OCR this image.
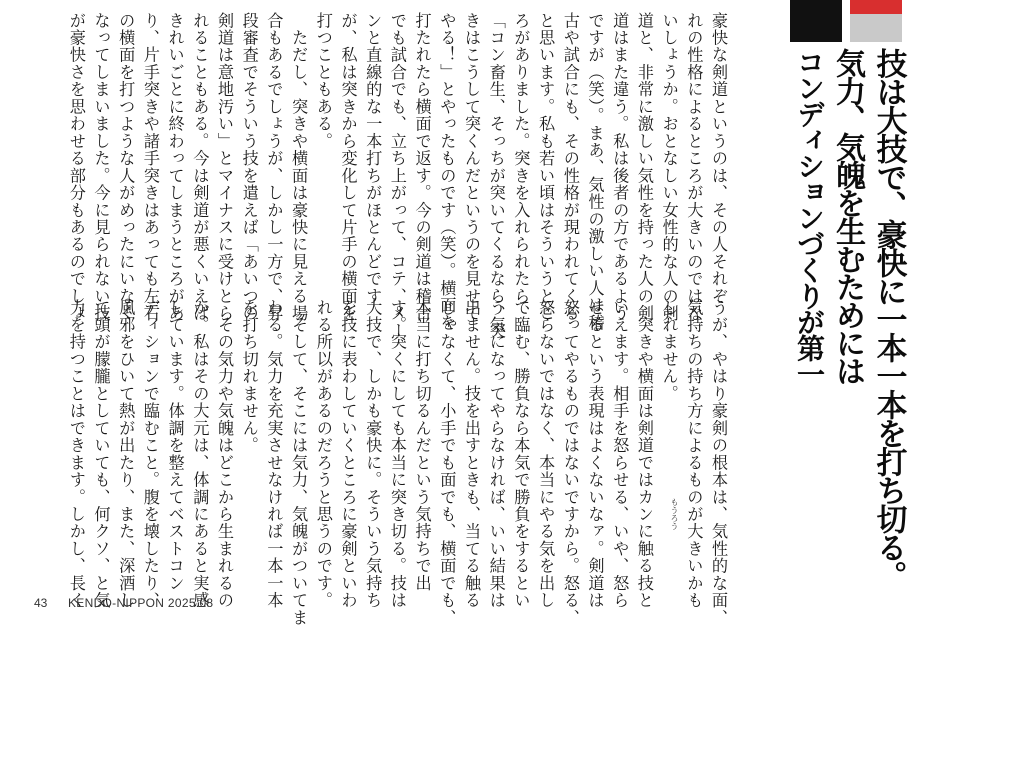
技は大技で、豪快に一本一本を打ち切る。
気力、気魄を生むためには
コンディションづくりが第一
豪快な剣道というのは、その人それぞ
れの性格によるところが大きいのではな
いしょうか。おとなしい女性的な人の剣
道と、非常に激しい気性を持った人の剣
道はまた違う。私は後者の方であるよう
ですが（笑）。まあ、気性の激しい人は稽
古や試合にも、その性格が現われてくる
と思います。私も若い頃はそういうとこ
ろがありました。突きを入れられたら、
「コン畜生、そっちが突いてくるなら、突
きはこうして突くんだというのを見せて
やる！」とやったものです（笑）。横面を
打たれたら横面で返す。今の剣道は稽古
でも試合でも、立ち上がって、コテ、メー
ンと直線的な一本打ちがほとんどです
が、私は突きから変化して片手の横面を
打つこともある。
　ただし、突きや横面は豪快に見える場
合もあるでしょうが、しかし一方で、昇
段審査でそういう技を遣えば「あいつの
剣道は意地汚い」とマイナスに受けとら
れることもある。今は剣道が悪くいえば
きれいごとに終わってしまうところがあ
り、片手突きや諸手突きはあっても左右
の横面を打つような人がめったにいなく
なってしまいました。今に見られない技
が豪快さを思わせる部分もあるのでしょ
うが、やはり豪剣の根本は、気性的な面、
気持ちの持ち方によるものが大きいかも
しれません。
　突きや横面は剣道ではカンに触る技と
いえます。相手を怒らせる、いや、怒ら
せるという表現はよくないなァ。剣道は
怒ってやるものではないですから。怒る、
怒らないではなく、本当にやる気を出し
て臨む、勝負なら本気で勝負をするとい
う気になってやらなければ、いい結果は
出ません。技を出すときも、当てる触る
じゃなくて、小手でも面でも、横面でも、
本当に打ち切るんだという気持ちで出
す。突くにしても本当に突き切る。技は
大技で、しかも豪快に。そういう気持ち
を技に表わしていくところに豪剣といわ
れる所以があるのだろうと思うのです。
　そして、そこには気力、気魄がついてま
わる。気力を充実させなければ一本一本
を打ち切れません。
　その気力や気魄はどこから生まれるの
か。私はその大元は、体調にあると実感
しています。体調を整えてベストコン
ディションで臨むこと。腹を壊したり、
風邪をひいて熱が出たり、また、深酒し
て頭が朦朧としていても、何クソ、と気
力を持つことはできます。しかし、長く	もうろう
43 KENDO-NIPPON 2025.08
